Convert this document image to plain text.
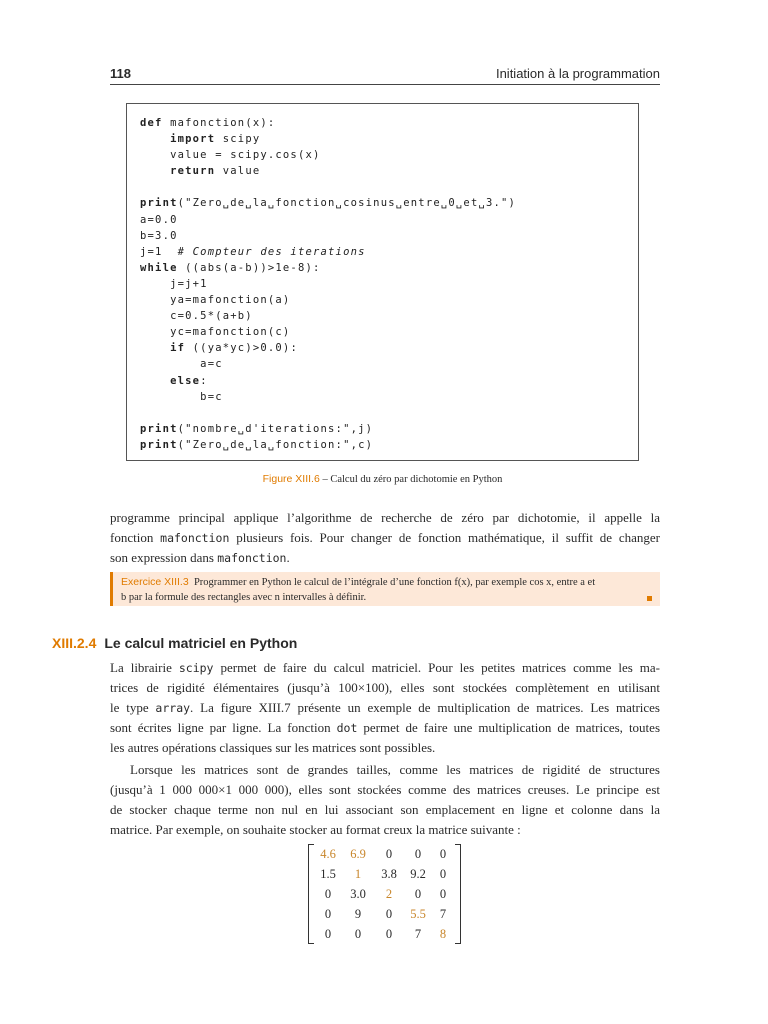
118	Initiation à la programmation
def mafonction(x):
import scipy
value = scipy.cos(x)
return value

print("Zero␣de␣la␣fonction␣cosinus␣entre␣0␣et␣3.")
a=0.0
b=3.0
j=1  # Compteur des iterations
while ((abs(a-b))>1e-8):
j=j+1
ya=mafonction(a)
c=0.5*(a+b)
yc=mafonction(c)
if ((ya*yc)>0.0):
a=c
else:
b=c

print("nombre␣d'iterations:",j)
print("Zero␣de␣la␣fonction:",c)
Figure XIII.6 – Calcul du zéro par dichotomie en Python
programme principal applique l’algorithme de recherche de zéro par dichotomie, il appelle la
fonction mafonction plusieurs fois. Pour changer de fonction mathématique, il suffit de changer
son expression dans mafonction.
Exercice XIII.3 Programmer en Python le calcul de l’intégrale d’une fonction f(x), par exemple cos x, entre a et
b par la formule des rectangles avec n intervalles à définir.
XIII.2.4 Le calcul matriciel en Python
La librairie scipy permet de faire du calcul matriciel. Pour les petites matrices comme les ma-
trices de rigidité élémentaires (jusqu’à 100×100), elles sont stockées complètement en utilisant
le type array. La figure XIII.7 présente un exemple de multiplication de matrices. Les matrices
sont écrites ligne par ligne. La fonction dot permet de faire une multiplication de matrices, toutes
les autres opérations classiques sur les matrices sont possibles.
Lorsque les matrices sont de grandes tailles, comme les matrices de rigidité de structures
(jusqu’à 1 000 000×1 000 000), elles sont stockées comme des matrices creuses. Le principe est
de stocker chaque terme non nul en lui associant son emplacement en ligne et colonne dans la
matrice. Par exemple, on souhaite stocker au format creux la matrice suivante :
4.6	6.9	0	0	0
1.5	1	3.8	9.2	0
0	3.0	2	0	0
0	9	0	5.5	7
0	0	0	7	8
